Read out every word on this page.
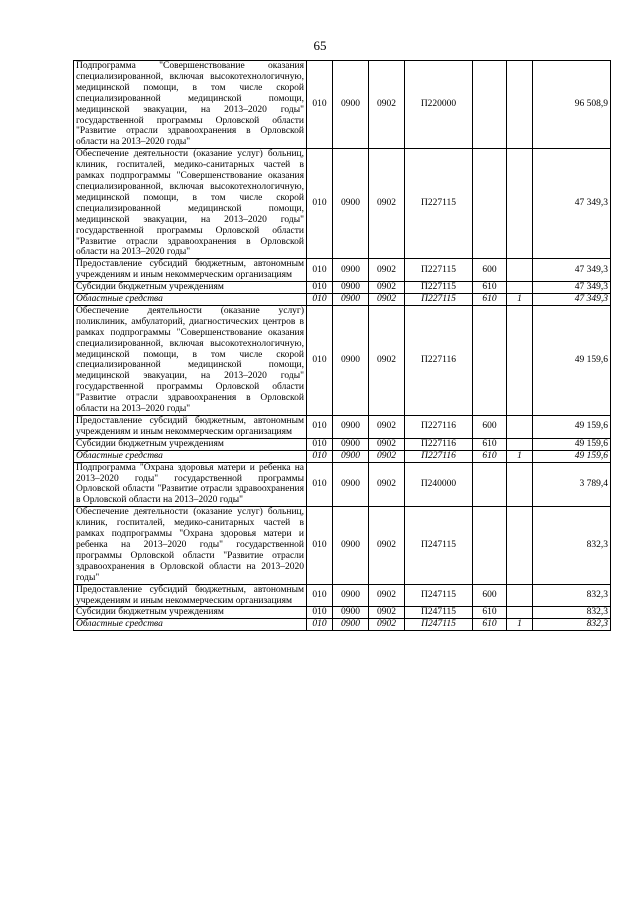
65
Подпрограмма "Совершенствование оказания специализированной, включая высокотехнологичную, медицинской помощи, в том числе скорой специализированной медицинской помощи, медицинской эвакуации, на 2013–2020 годы" государственной программы Орловской области "Развитие отрасли здравоохранения в Орловской области на 2013–2020 годы"	010	0900	0902	П220000			96 508,9
Обеспечение деятельности (оказание услуг) больниц, клиник, госпиталей, медико-санитарных частей в рамках подпрограммы "Совершенствование оказания специализированной, включая высокотехнологичную, медицинской помощи, в том числе скорой специализированной медицинской помощи, медицинской эвакуации, на 2013–2020 годы" государственной программы Орловской области "Развитие отрасли здравоохранения в Орловской области на 2013–2020 годы"	010	0900	0902	П227115			47 349,3
Предоставление субсидий бюджетным, автономным учреждениям и иным некоммерческим организациям	010	0900	0902	П227115	600		47 349,3
Субсидии бюджетным учреждениям	010	0900	0902	П227115	610		47 349,3
Областные средства	010	0900	0902	П227115	610	1	47 349,3
Обеспечение деятельности (оказание услуг) поликлиник, амбулаторий, диагностических центров в рамках подпрограммы "Совершенствование оказания специализированной, включая высокотехнологичную, медицинской помощи, в том числе скорой специализированной медицинской помощи, медицинской эвакуации, на 2013–2020 годы" государственной программы Орловской области "Развитие отрасли здравоохранения в Орловской области на 2013–2020 годы"	010	0900	0902	П227116			49 159,6
Предоставление субсидий бюджетным, автономным учреждениям и иным некоммерческим организациям	010	0900	0902	П227116	600		49 159,6
Субсидии бюджетным учреждениям	010	0900	0902	П227116	610		49 159,6
Областные средства	010	0900	0902	П227116	610	1	49 159,6
Подпрограмма "Охрана здоровья матери и ребенка на 2013–2020 годы" государственной программы Орловской области "Развитие отрасли здравоохранения в Орловской области на 2013–2020 годы"	010	0900	0902	П240000			3 789,4
Обеспечение деятельности (оказание услуг) больниц, клиник, госпиталей, медико-санитарных частей в рамках подпрограммы "Охрана здоровья матери и ребенка на 2013–2020 годы" государственной программы Орловской области "Развитие отрасли здравоохранения в Орловской области на 2013–2020 годы"	010	0900	0902	П247115			832,3
Предоставление субсидий бюджетным, автономным учреждениям и иным некоммерческим организациям	010	0900	0902	П247115	600		832,3
Субсидии бюджетным учреждениям	010	0900	0902	П247115	610		832,3
Областные средства	010	0900	0902	П247115	610	1	832,3
